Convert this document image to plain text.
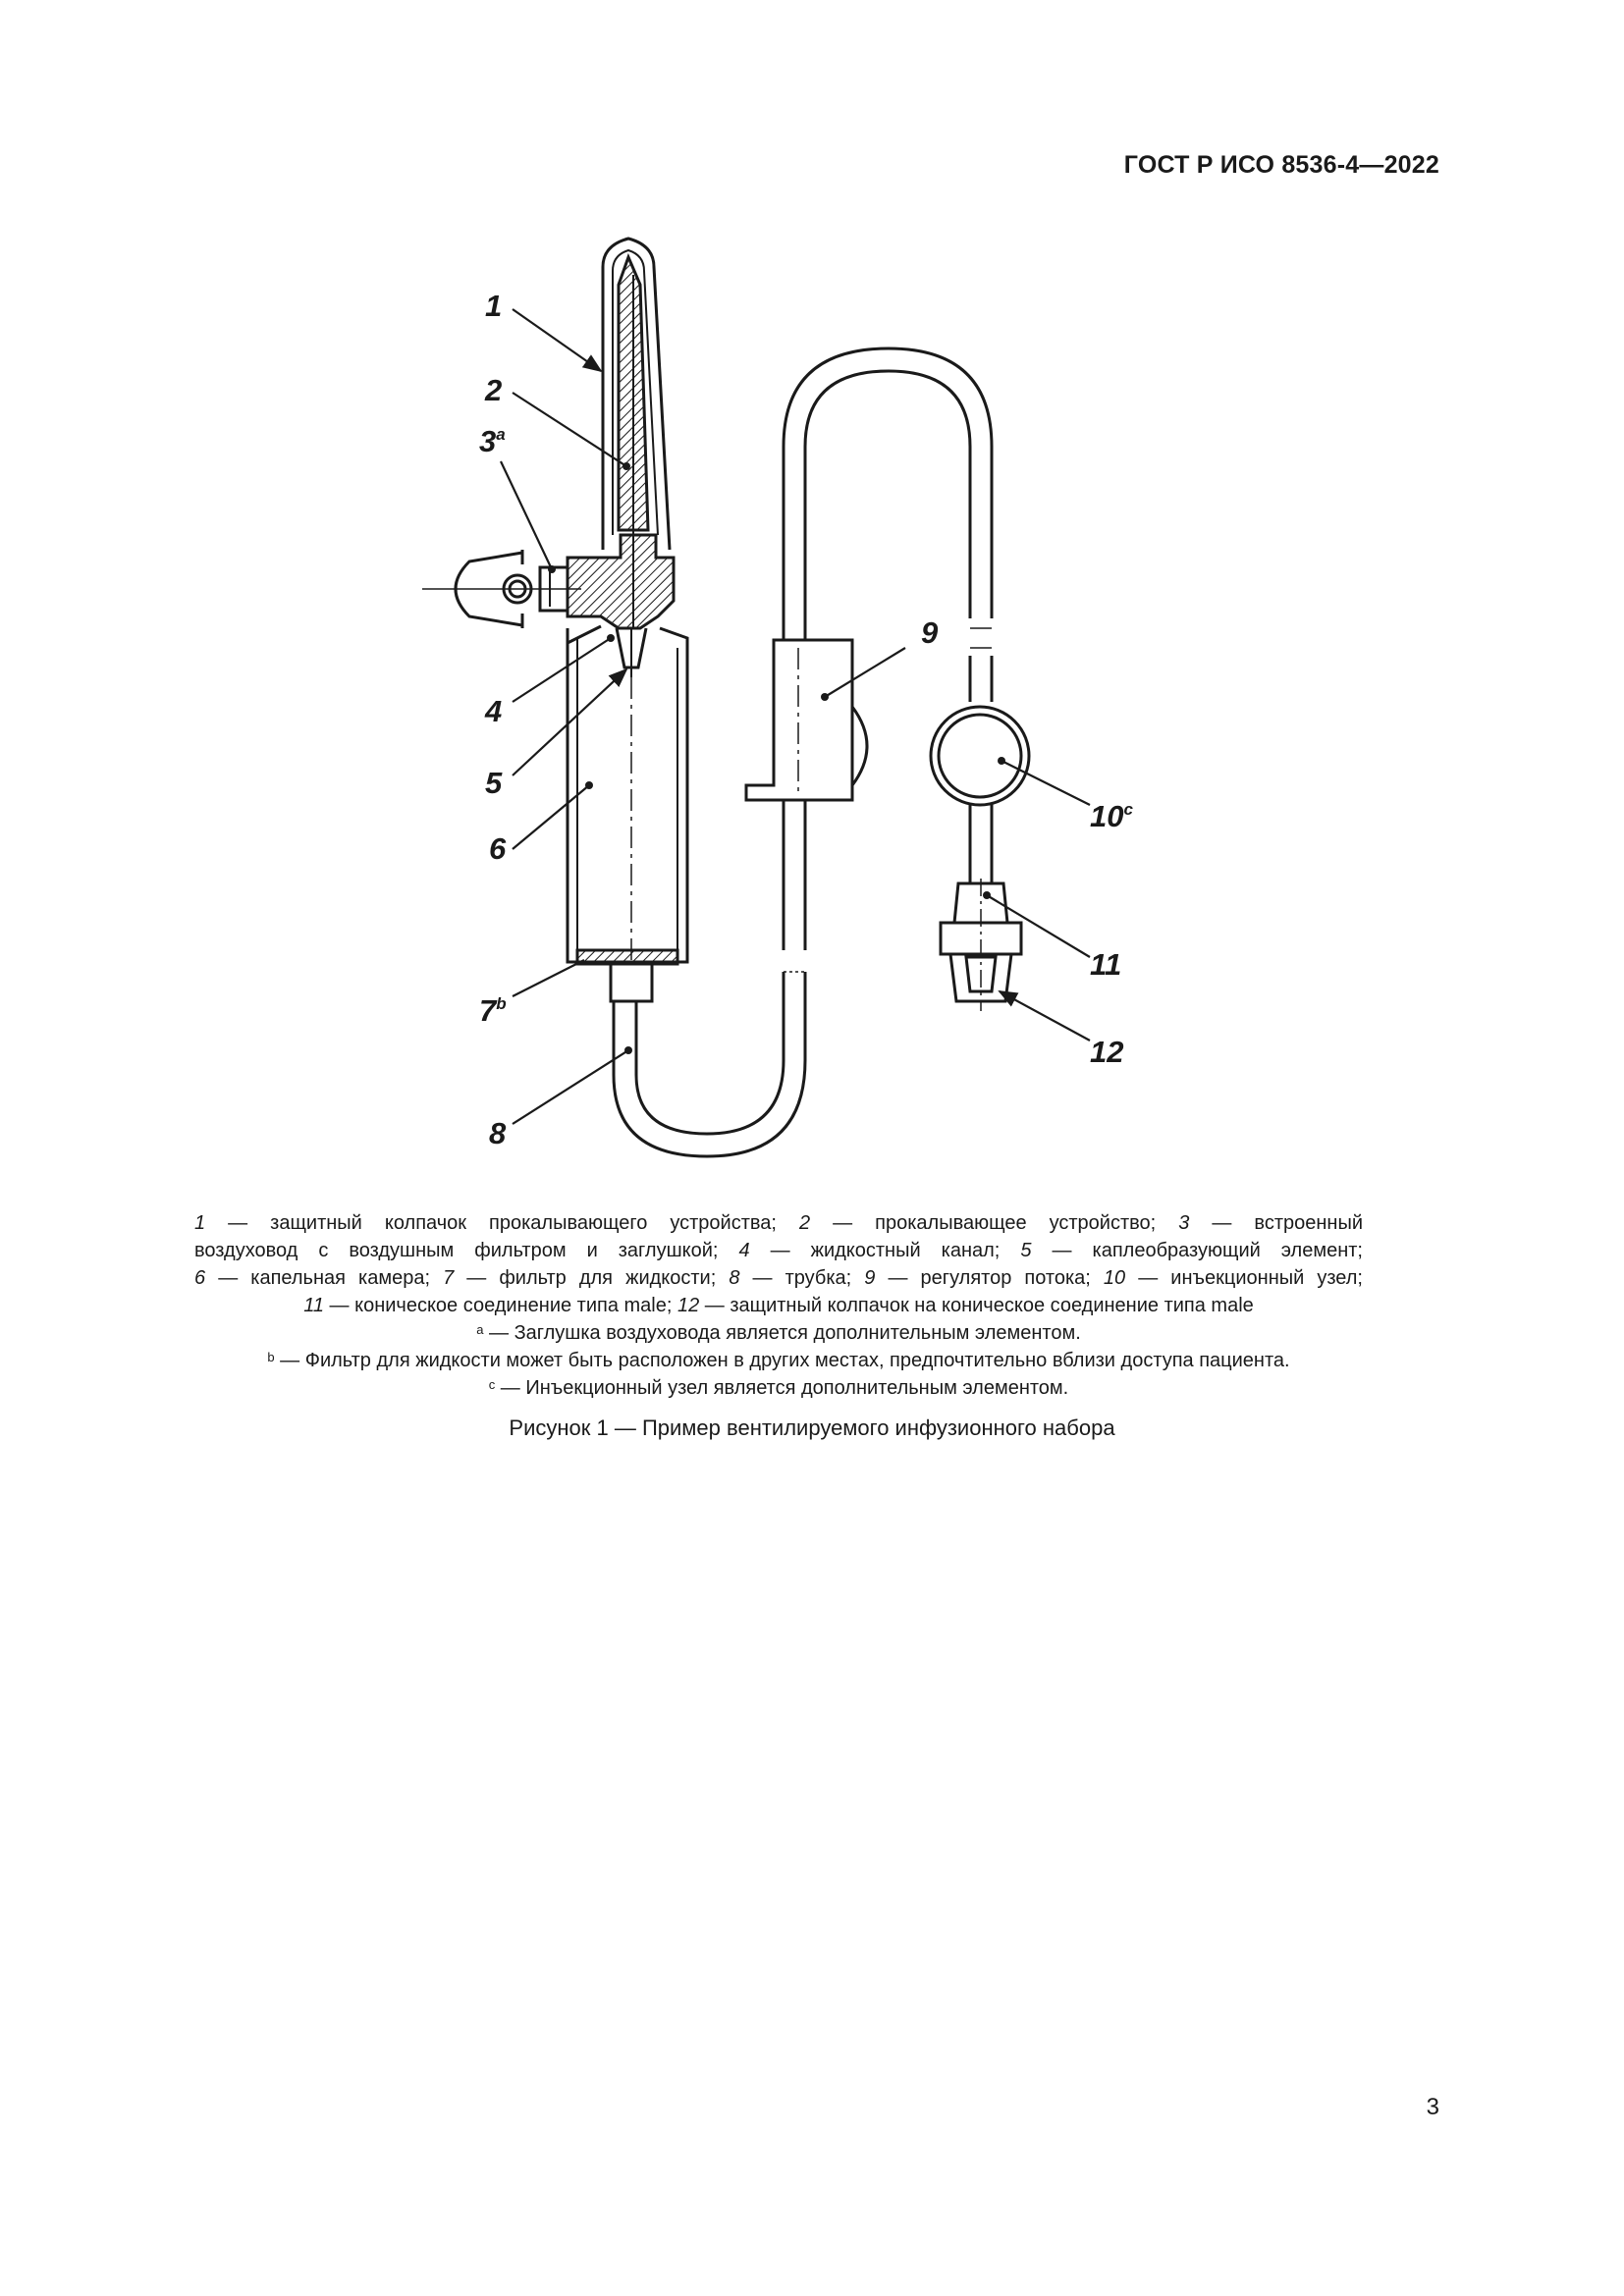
ГОСТ Р ИСО 8536-4—2022
1
2
3$^a$
4
5
6
7$^b$
8
9
10$^c$
11
12
1 — защитный колпачок прокалывающего устройства; 2 — прокалывающее устройство; 3 — встроенный
воздуховод с воздушным фильтром и заглушкой; 4 — жидкостный канал; 5 — каплеобразующий элемент;
6 — капельная камера; 7 — фильтр для жидкости; 8 — трубка; 9 — регулятор потока; 10 — инъекционный узел;
11 — коническое соединение типа male; 12 — защитный колпачок на коническое соединение типа male
$^a$ — Заглушка воздуховода является дополнительным элементом.
$^b$ — Фильтр для жидкости может быть расположен в других местах, предпочтительно вблизи доступа пациента.
$^c$ — Инъекционный узел является дополнительным элементом.
Рисунок 1 — Пример вентилируемого инфузионного набора
3
